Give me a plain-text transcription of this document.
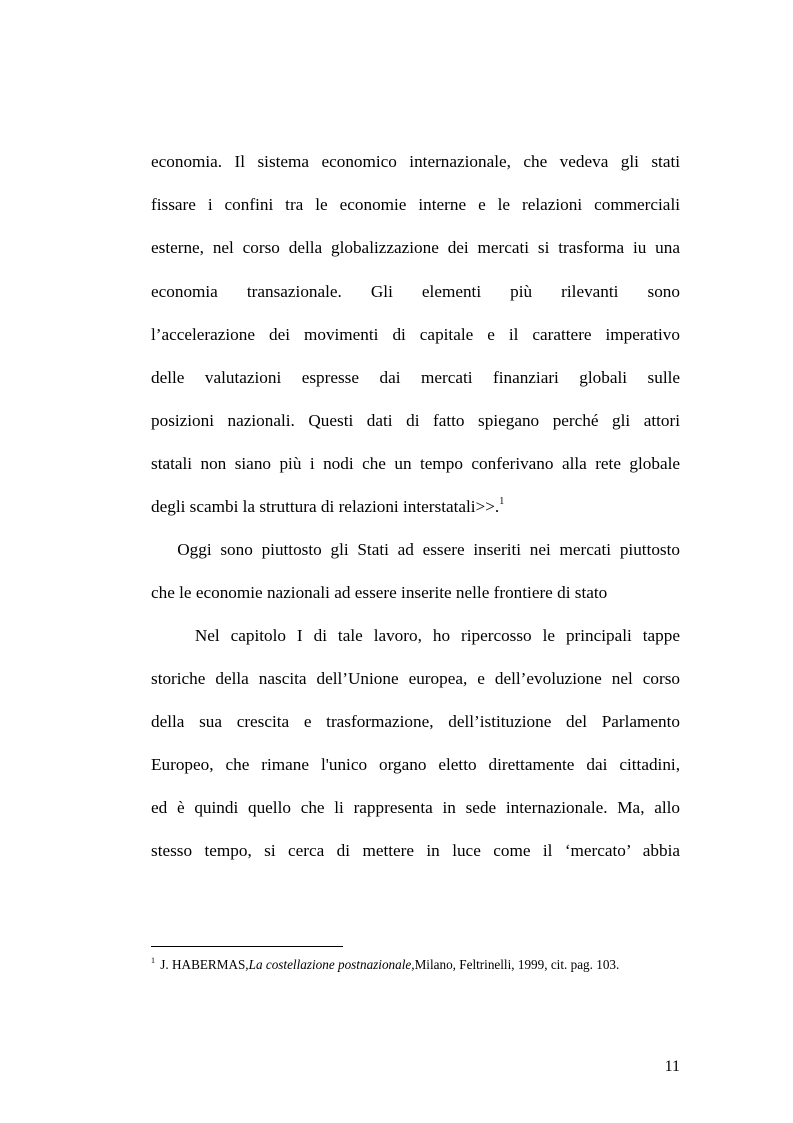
economia. Il sistema economico internazionale, che vedeva gli stati
fissare i confini tra le economie interne e le relazioni commerciali
esterne, nel corso della globalizzazione dei mercati si trasforma iu una
economia transazionale. Gli elementi più rilevanti sono
l’accelerazione dei movimenti di capitale e il carattere imperativo
delle valutazioni espresse dai mercati finanziari globali sulle
posizioni nazionali. Questi dati di fatto spiegano perché gli attori
statali non siano più i nodi che un tempo conferivano alla rete globale
degli scambi la struttura di relazioni interstatali>>.$^1$
Oggi sono piuttosto gli Stati ad essere inseriti nei mercati piuttosto
che le economie nazionali ad essere inserite nelle frontiere di stato
Nel capitolo I di tale lavoro, ho ripercosso le principali tappe
storiche della nascita dell’Unione europea, e dell’evoluzione nel corso
della sua crescita e trasformazione, dell’istituzione del Parlamento
Europeo, che rimane l'unico organo eletto direttamente dai cittadini,
ed è quindi quello che li rappresenta in sede internazionale. Ma, allo
stesso tempo, si cerca di mettere in luce come il ‘mercato’ abbia
$^1$ J. HABERMAS,La costellazione postnazionale,Milano, Feltrinelli, 1999, cit. pag. 103.
11
